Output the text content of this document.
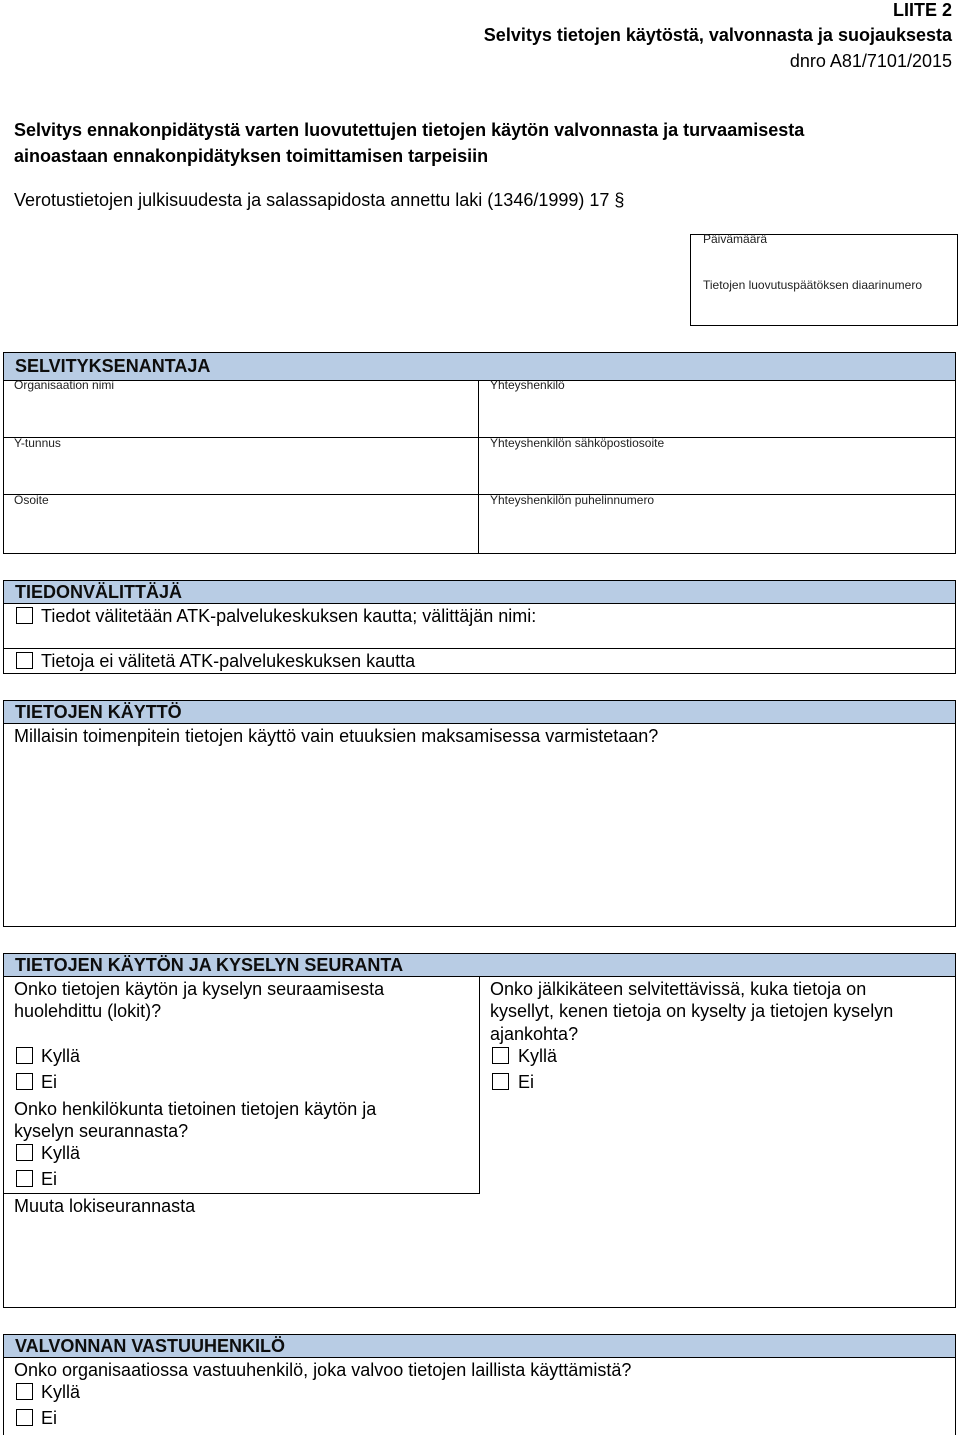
LIITE 2
Selvitys tietojen käytöstä, valvonnasta ja suojauksesta
dnro A81/7101/2015
Selvitys ennakonpidätystä varten luovutettujen tietojen käytön valvonnasta ja turvaamisesta
ainoastaan ennakonpidätyksen toimittamisen tarpeisiin
Verotustietojen julkisuudesta ja salassapidosta annettu laki (1346/1999) 17 §
Päivämäärä
Tietojen luovutuspäätöksen diaarinumero
SELVITYKSENANTAJA
Organisaation nimi	Yhteyshenkilö
Y-tunnus	Yhteyshenkilön sähköpostiosoite
Osoite	Yhteyshenkilön puhelinnumero
TIEDONVÄLITTÄJÄ
Tiedot välitetään ATK-palvelukeskuksen kautta; välittäjän nimi:
Tietoja ei välitetä ATK-palvelukeskuksen kautta
TIETOJEN KÄYTTÖ
Millaisin toimenpitein tietojen käyttö vain etuuksien maksamisessa varmistetaan?
TIETOJEN KÄYTÖN JA KYSELYN SEURANTA
Onko tietojen käytön ja kyselyn seuraamisesta
huolehdittu (lokit)?
Kyllä
Ei
Onko henkilökunta tietoinen tietojen käytön ja
kyselyn seurannasta?
Kyllä
Ei
Muuta lokiseurannasta
Onko jälkikäteen selvitettävissä, kuka tietoja on
kysellyt, kenen tietoja on kyselty ja tietojen kyselyn
ajankohta?
Kyllä
Ei
VALVONNAN VASTUUHENKILÖ
Onko organisaatiossa vastuuhenkilö, joka valvoo tietojen laillista käyttämistä?
Kyllä
Ei
